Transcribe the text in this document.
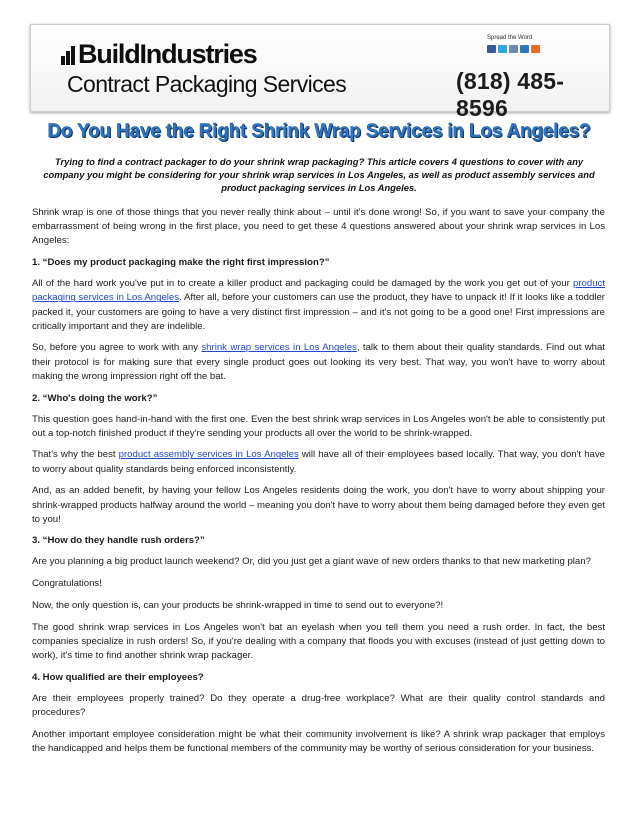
BuildIndustries
Contract Packaging Services
Spread the Word
(818) 485-8596
Do You Have the Right Shrink Wrap Services in Los Angeles?
Trying to find a contract packager to do your shrink wrap packaging? This article covers 4 questions to cover with any company you might be considering for your shrink wrap services in Los Angeles, as well as product assembly services and product packaging services in Los Angeles.

Shrink wrap is one of those things that you never really think about – until it's done wrong! So, if you want to save your company the embarrassment of being wrong in the first place, you need to get these 4 questions answered about your shrink wrap services in Los Angeles:

1. “Does my product packaging make the right first impression?”

All of the hard work you've put in to create a killer product and packaging could be damaged by the work you get out of your product packaging services in Los Angeles. After all, before your customers can use the product, they have to unpack it! If it looks like a toddler packed it, your customers are going to have a very distinct first impression – and it's not going to be a good one! First impressions are critically important and they are indelible.

So, before you agree to work with any shrink wrap services in Los Angeles, talk to them about their quality standards. Find out what their protocol is for making sure that every single product goes out looking its very best. That way, you won't have to worry about making the wrong impression right off the bat.

2. “Who's doing the work?”

This question goes hand-in-hand with the first one. Even the best shrink wrap services in Los Angeles won't be able to consistently put out a top-notch finished product if they're sending your products all over the world to be shrink-wrapped.

That's why the best product assembly services in Los Angeles will have all of their employees based locally. That way, you don't have to worry about quality standards being enforced inconsistently.

And, as an added benefit, by having your fellow Los Angeles residents doing the work, you don't have to worry about shipping your shrink-wrapped products halfway around the world – meaning you don't have to worry about them being damaged before they even get to you!

3. “How do they handle rush orders?”

Are you planning a big product launch weekend? Or, did you just get a giant wave of new orders thanks to that new marketing plan?

Congratulations!

Now, the only question is, can your products be shrink-wrapped in time to send out to everyone?!

The good shrink wrap services in Los Angeles won't bat an eyelash when you tell them you need a rush order. In fact, the best companies specialize in rush orders! So, if you're dealing with a company that floods you with excuses (instead of just getting down to work), it's time to find another shrink wrap packager.

4. How qualified are their employees?

Are their employees properly trained? Do they operate a drug-free workplace? What are their quality control standards and procedures?

Another important employee consideration might be what their community involvement is like? A shrink wrap packager that employs the handicapped and helps them be functional members of the community may be worthy of serious consideration for your business.
